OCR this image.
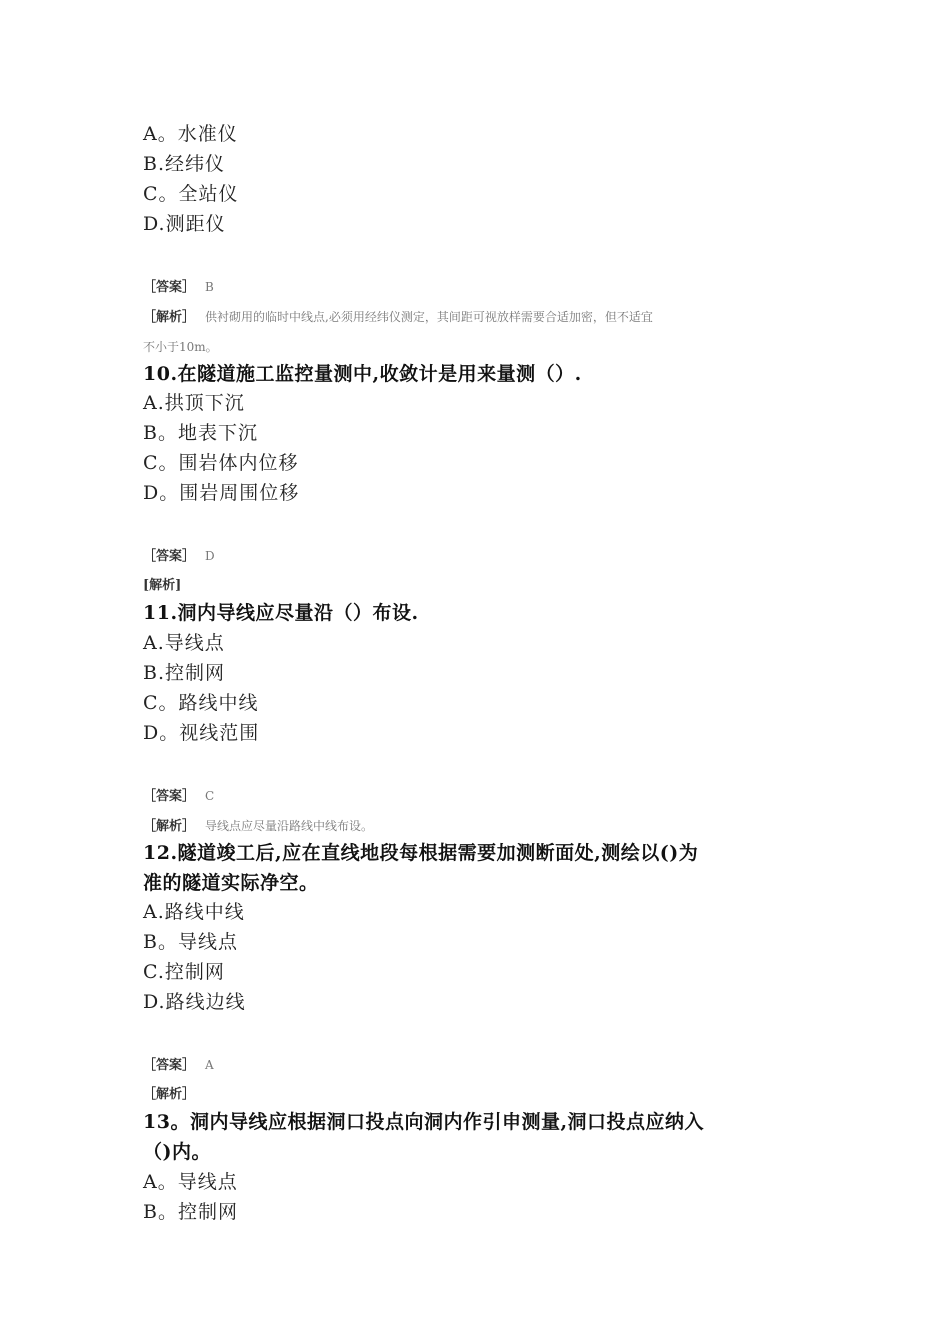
A。水准仪
B.经纬仪
C。全站仪
D.测距仪
［答案］ B
［解析］ 供衬砌用的临时中线点,必须用经纬仪测定，其间距可视放样需要合适加密，但不适宜
不小于10m。
10.在隧道施工监控量测中,收敛计是用来量测（）.
A.拱顶下沉
B。地表下沉
C。围岩体内位移
D。围岩周围位移
［答案］ D
[解析]
11.洞内导线应尽量沿（）布设.
A.导线点
B.控制网
C。路线中线
D。视线范围
［答案］ C
［解析］ 导线点应尽量沿路线中线布设。
12.隧道竣工后,应在直线地段每根据需要加测断面处,测绘以()为
准的隧道实际净空。
A.路线中线
B。导线点
C.控制网
D.路线边线
［答案］ A
［解析］
13。洞内导线应根据洞口投点向洞内作引申测量,洞口投点应纳入
（)内。
A。导线点
B。控制网
